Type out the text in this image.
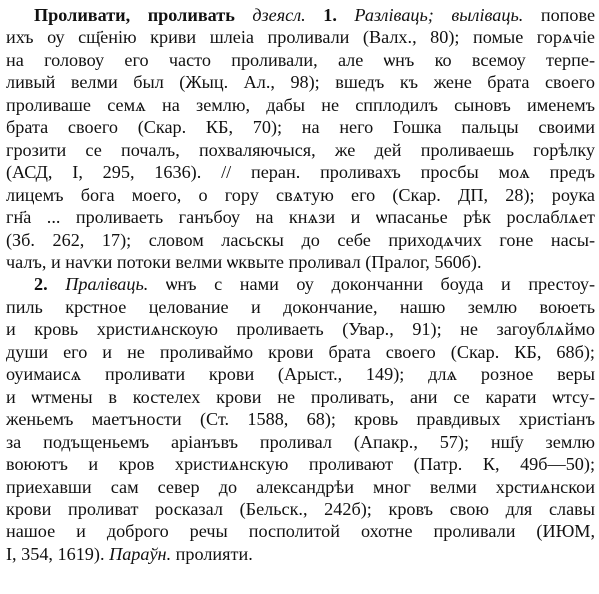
Проливати, проливать дзеясл. 1. Разліваць; выліваць. попове
ихъ оу сщ҃енію криви шлеіа проливали (Валх., 80); помые горѧчіе
на головоу его часто проливали, але ѡнъ ко всемоу терпе-
ливый велми был (Жыц. Ал., 98); вшедъ къ жене брата своего
проливаше семѧ на землю, дабы не спплодилъ сыновъ именемъ
брата своего (Скар. КБ, 70); на него Гошка пальцы своими
грозити се почалъ, похваляючыся, же дей проливаешь горѣлку
(АСД, І, 295, 1636). // перан. проливахъ просбы моѧ предъ
лицемъ бога моего, о гору свѧтую его (Скар. ДП, 28); роука
гн҃а ... проливаеть ганъбоу на кнѧзи и ѡпасанье рѣк рослаблѧет
(Зб. 262, 17); словом ласьскы до себе приходѧчих гоне насы-
чалъ, и наѵки потоки велми ѡквыте проливал (Пралог, 560б).
2. Праліваць. ѡнъ с нами оу докончанни боуда и престоу-
пиль крстное целование и докончание, нашю землю воюеть
и кровь христиѧнскоую проливаеть (Увар., 91); не загоублѧймо
души его и не проливаймо крови брата своего (Скар. КБ, 68б);
оуимаисѧ проливати крови (Арыст., 149); длѧ розное веры
и ѡтмены в костелех крови не проливать, ани се карати ѡтсу-
женьемъ маетъности (Ст. 1588, 68); кровь правдивых христіанъ
за подъщеньемъ аріанъвъ проливал (Апакр., 57); нш҃у землю
воюютъ и кров христиѧнскую проливают (Патр. К, 49б—50);
приехавши сам север до александрѣи мног велми хрстиѧнскои
крови проливат росказал (Бельск., 242б); кровъ свою для славы
нашое и доброго речы посполитой охотне проливали (ИЮМ,
І, 354, 1619). Параўн. пролияти.
